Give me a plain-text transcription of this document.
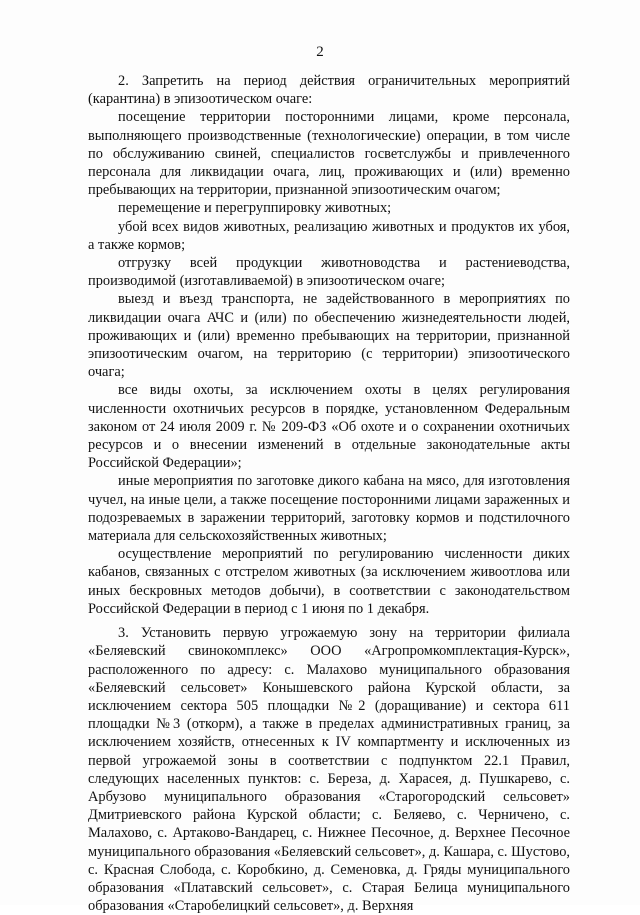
2

2. Запретить на период действия ограничительных мероприятий (карантина) в эпизоотическом очаге:

посещение территории посторонними лицами, кроме персонала, выполняющего производственные (технологические) операции, в том числе по обслуживанию свиней, специалистов госветслужбы и привлеченного персонала для ликвидации очага, лиц, проживающих и (или) временно пребывающих на территории, признанной эпизоотическим очагом;

перемещение и перегруппировку животных;

убой всех видов животных, реализацию животных и продуктов их убоя, а также кормов;

отгрузку всей продукции животноводства и растениеводства, производимой (изготавливаемой) в эпизоотическом очаге;

выезд и въезд транспорта, не задействованного в мероприятиях по ликвидации очага АЧС и (или) по обеспечению жизнедеятельности людей, проживающих и (или) временно пребывающих на территории, признанной эпизоотическим очагом, на территорию (с территории) эпизоотического очага;

все виды охоты, за исключением охоты в целях регулирования численности охотничьих ресурсов в порядке, установленном Федеральным законом от 24 июля 2009 г. № 209-ФЗ «Об охоте и о сохранении охотничьих ресурсов и о внесении изменений в отдельные законодательные акты Российской Федерации»;

иные мероприятия по заготовке дикого кабана на мясо, для изготовления чучел, на иные цели, а также посещение посторонними лицами зараженных и подозреваемых в заражении территорий, заготовку кормов и подстилочного материала для сельскохозяйственных животных;

осуществление мероприятий по регулированию численности диких кабанов, связанных с отстрелом животных (за исключением живоотлова или иных бескровных методов добычи), в соответствии с законодательством Российской Федерации в период с 1 июня по 1 декабря.

3. Установить первую угрожаемую зону на территории филиала «Беляевский свинокомплекс» ООО «Агропромкомплектация-Курск», расположенного по адресу: с. Малахово муниципального образования «Беляевский сельсовет» Конышевского района Курской области, за исключением сектора 505 площадки №2 (доращивание) и сектора 611 площадки №3 (откорм), а также в пределах административных границ, за исключением хозяйств, отнесенных к IV компартменту и исключенных из первой угрожаемой зоны в соответствии с подпунктом 22.1 Правил, следующих населенных пунктов: с. Береза, д. Харасея, д. Пушкарево, с. Арбузово муниципального образования «Старогородский сельсовет» Дмитриевского района Курской области; с. Беляево, с. Черничено, с. Малахово, с. Артаково-Вандарец, с. Нижнее Песочное, д. Верхнее Песочное муниципального образования «Беляевский сельсовет», д. Кашара, с. Шустово, с. Красная Слобода, с. Коробкино, д. Семеновка, д. Гряды муниципального образования «Платавский сельсовет», с. Старая Белица муниципального образования «Старобелицкий сельсовет», д. Верхняя
